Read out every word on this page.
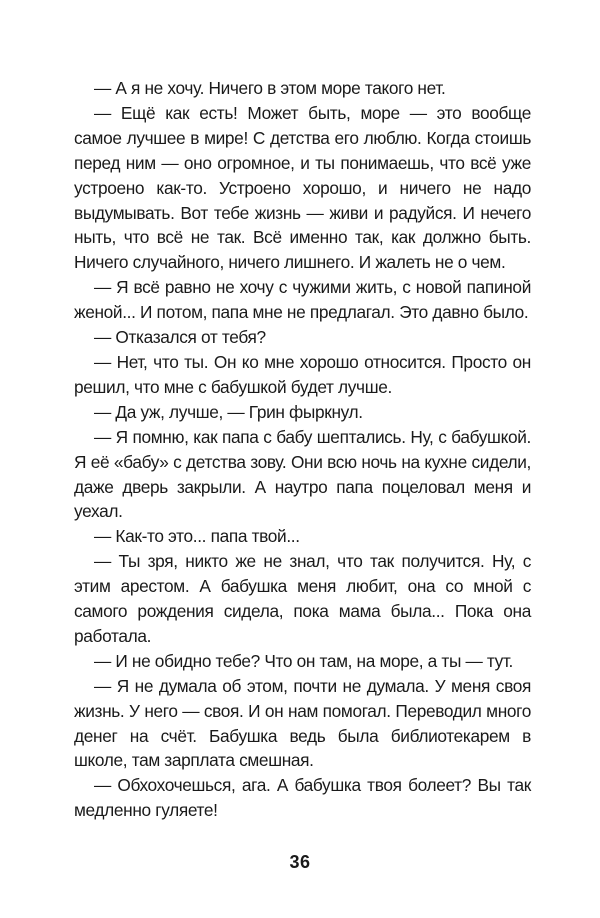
— А я не хочу. Ничего в этом море такого нет.

— Ещё как есть! Может быть, море — это вообще самое лучшее в мире! С детства его люблю. Когда стоишь перед ним — оно огромное, и ты понимаешь, что всё уже устроено как-то. Устроено хорошо, и ничего не надо выдумывать. Вот тебе жизнь — живи и радуйся. И нечего ныть, что всё не так. Всё именно так, как должно быть. Ничего случайного, ничего лишнего. И жалеть не о чем.

— Я всё равно не хочу с чужими жить, с новой папиной женой... И потом, папа мне не предлагал. Это давно было.

— Отказался от тебя?

— Нет, что ты. Он ко мне хорошо относится. Просто он решил, что мне с бабушкой будет лучше.

— Да уж, лучше, — Грин фыркнул.

— Я помню, как папа с бабу шептались. Ну, с бабушкой. Я её «бабу» с детства зову. Они всю ночь на кухне сидели, даже дверь закрыли. А наутро папа поцеловал меня и уехал.

— Как-то это... папа твой...

— Ты зря, никто же не знал, что так получится. Ну, с этим арестом. А бабушка меня любит, она со мной с самого рождения сидела, пока мама была... Пока она работала.

— И не обидно тебе? Что он там, на море, а ты — тут.

— Я не думала об этом, почти не думала. У меня своя жизнь. У него — своя. И он нам помогал. Переводил много денег на счёт. Бабушка ведь была библиотекарем в школе, там зарплата смешная.

— Обхохочешься, ага. А бабушка твоя болеет? Вы так медленно гуляете!

36
